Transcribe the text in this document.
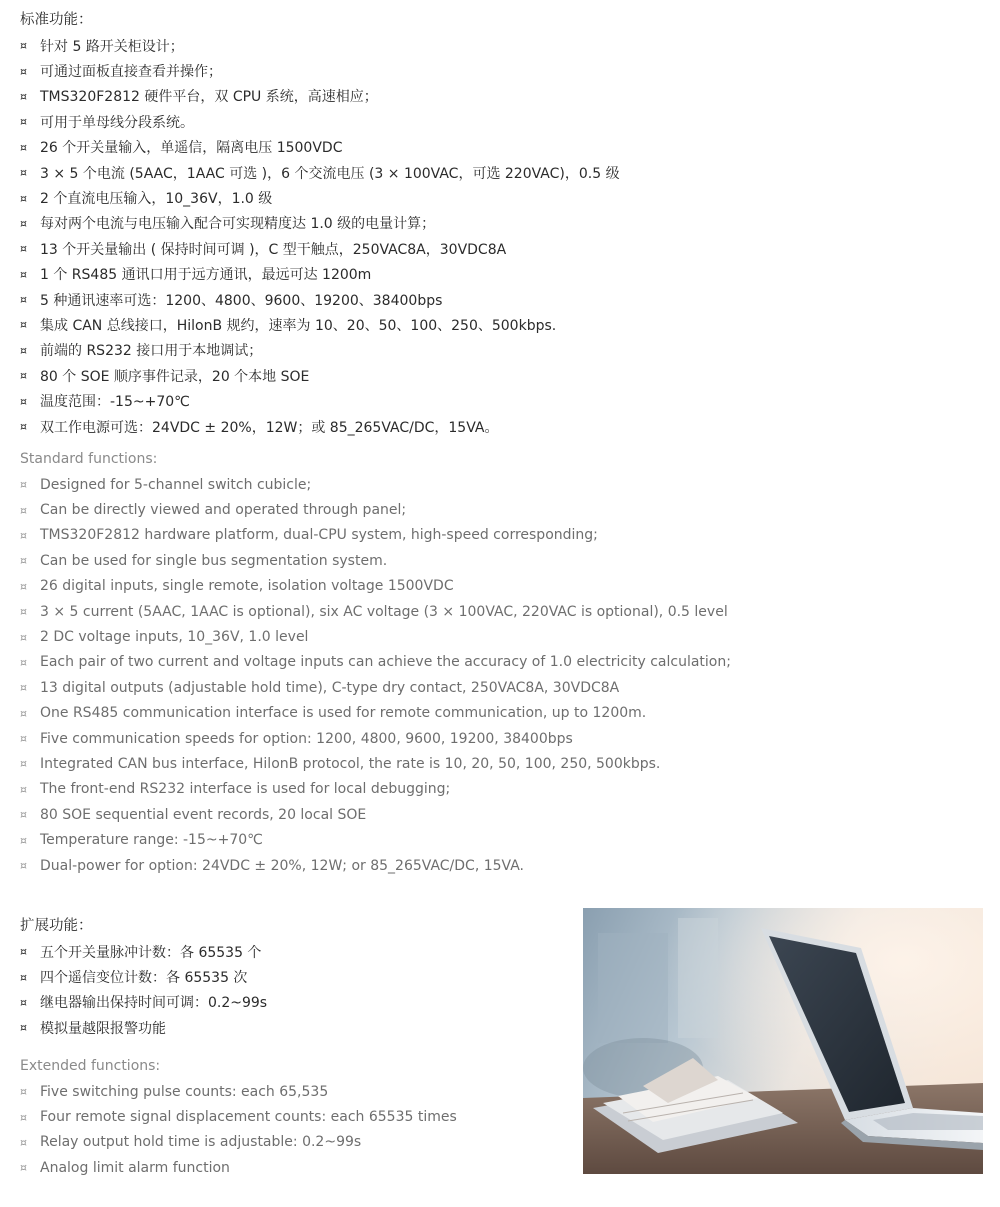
标准功能：
¤ 针对 5 路开关柜设计；
¤ 可通过面板直接查看并操作；
¤ TMS320F2812 硬件平台，双 CPU 系统，高速相应；
¤ 可用于单母线分段系统。
¤ 26 个开关量输入，单遥信，隔离电压 1500VDC
¤ 3 × 5 个电流 (5AAC，1AAC 可选 )，6 个交流电压 (3 × 100VAC，可选 220VAC)，0.5 级
¤ 2 个直流电压输入，10_36V，1.0 级
¤ 每对两个电流与电压输入配合可实现精度达 1.0 级的电量计算；
¤ 13 个开关量输出 ( 保持时间可调 )，C 型干触点，250VAC8A，30VDC8A
¤ 1 个 RS485 通讯口用于远方通讯，最远可达 1200m
¤ 5 种通讯速率可选：1200、4800、9600、19200、38400bps
¤ 集成 CAN 总线接口，HilonB 规约，速率为 10、20、50、100、250、500kbps.
¤ 前端的 RS232 接口用于本地调试；
¤ 80 个 SOE 顺序事件记录，20 个本地 SOE
¤ 温度范围：-15~+70℃
¤ 双工作电源可选：24VDC ± 20%，12W；或 85_265VAC/DC，15VA。
Standard functions:
¤ Designed for 5-channel switch cubicle;
¤ Can be directly viewed and operated through panel;
¤ TMS320F2812 hardware platform, dual-CPU system, high-speed corresponding;
¤ Can be used for single bus segmentation system.
¤ 26 digital inputs, single remote, isolation voltage 1500VDC
¤ 3 × 5 current (5AAC, 1AAC is optional), six AC voltage (3 × 100VAC, 220VAC is optional), 0.5 level
¤ 2 DC voltage inputs, 10_36V, 1.0 level
¤ Each pair of two current and voltage inputs can achieve the accuracy of 1.0 electricity calculation;
¤ 13 digital outputs (adjustable hold time), C-type dry contact, 250VAC8A, 30VDC8A
¤ One RS485 communication interface is used for remote communication, up to 1200m.
¤ Five communication speeds for option: 1200, 4800, 9600, 19200, 38400bps
¤ Integrated CAN bus interface, HilonB protocol, the rate is 10, 20, 50, 100, 250, 500kbps.
¤ The front-end RS232 interface is used for local debugging;
¤ 80 SOE sequential event records, 20 local SOE
¤ Temperature range: -15~+70℃
¤ Dual-power for option: 24VDC ± 20%, 12W; or 85_265VAC/DC, 15VA.
扩展功能：
¤ 五个开关量脉冲计数：各 65535 个
¤ 四个遥信变位计数：各 65535 次
¤ 继电器输出保持时间可调：0.2~99s
¤ 模拟量越限报警功能
Extended functions:
¤ Five switching pulse counts: each 65,535
¤ Four remote signal displacement counts: each 65535 times
¤ Relay output hold time is adjustable: 0.2~99s
¤ Analog limit alarm function
